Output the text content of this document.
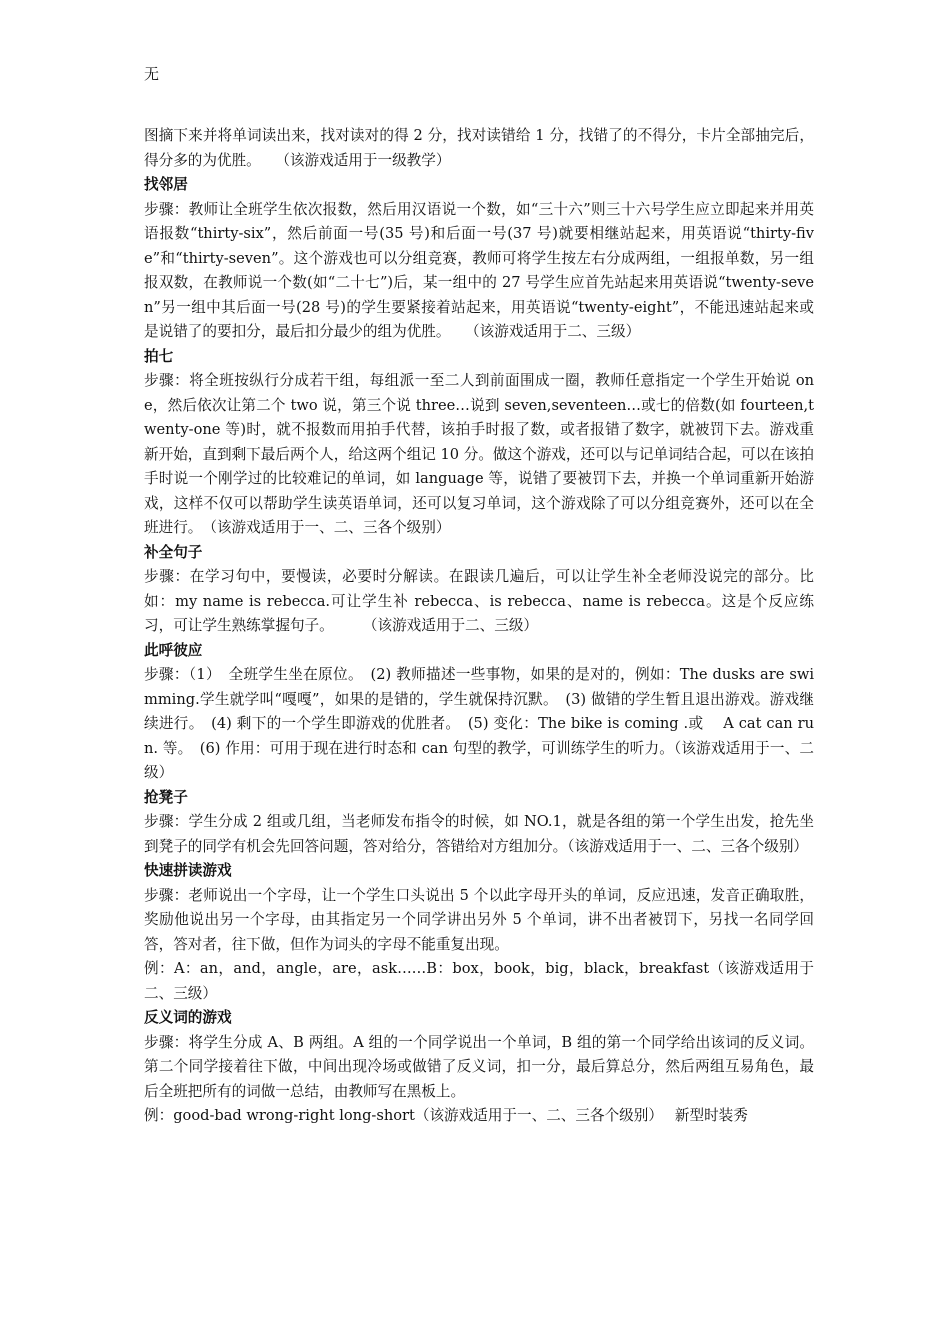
无

图摘下来并将单词读出来，找对读对的得 2 分，找对读错给 1 分，找错了的不得分，卡片全部抽完后，得分多的为优胜。　　（该游戏适用于一级教学）

找邻居

步骤：教师让全班学生依次报数，然后用汉语说一个数，如“三十六”则三十六号学生应立即起来并用英语报数“thirty-six”，然后前面一号(35 号)和后面一号(37 号)就要相继站起来，用英语说“thirty-five”和“thirty-seven”。这个游戏也可以分组竞赛，教师可将学生按左右分成两组，一组报单数，另一组报双数，在教师说一个数(如“二十七”)后，某一组中的 27 号学生应首先站起来用英语说“twenty-seven”另一组中其后面一号(28 号)的学生要紧接着站起来，用英语说“twenty-eight”，不能迅速站起来或是说错了的要扣分，最后扣分最少的组为优胜。　　（该游戏适用于二、三级）

拍七

步骤：将全班按纵行分成若干组，每组派一至二人到前面围成一圈，教师任意指定一个学生开始说 one，然后依次让第二个 two 说，第三个说 three…说到 seven,seventeen…或七的倍数(如 fourteen,twenty-one 等)时，就不报数而用拍手代替，该拍手时报了数，或者报错了数字，就被罚下去。游戏重新开始，直到剩下最后两个人，给这两个组记 10 分。做这个游戏，还可以与记单词结合起，可以在该拍手时说一个刚学过的比较难记的单词，如 language 等，说错了要被罚下去，并换一个单词重新开始游戏，这样不仅可以帮助学生读英语单词，还可以复习单词，这个游戏除了可以分组竞赛外，还可以在全班进行。　（该游戏适用于一、二、三各个级别）

补全句子

步骤：在学习句中，要慢读，必要时分解读。在跟读几遍后，可以让学生补全老师没说完的部分。比如：my name is rebecca.可让学生补 rebecca、is rebecca、name is rebecca。这是个反应练习，可让学生熟练掌握句子。　　　（该游戏适用于二、三级）

此呼彼应

步骤：（1）　全班学生坐在原位。　(2) 教师描述一些事物，如果的是对的，例如：The dusks are swimming.学生就学叫“嘎嘎”，如果的是错的，学生就保持沉默。　(3) 做错的学生暂且退出游戏。游戏继续进行。　(4) 剩下的一个学生即游戏的优胜者。　(5) 变化：The bike is coming .或　 A cat can run. 等。　(6) 作用：可用于现在进行时态和 can 句型的教学，可训练学生的听力。（该游戏适用于一、二级）

抢凳子

步骤：学生分成 2 组或几组，当老师发布指令的时候，如 NO.1，就是各组的第一个学生出发，抢先坐到凳子的同学有机会先回答问题，答对给分，答错给对方组加分。（该游戏适用于一、二、三各个级别）

快速拼读游戏

步骤：老师说出一个字母，让一个学生口头说出 5 个以此字母开头的单词，反应迅速，发音正确取胜，奖励他说出另一个字母，由其指定另一个同学讲出另外 5 个单词，讲不出者被罚下，另找一名同学回答，答对者，往下做，但作为词头的字母不能重复出现。

例：A：an，and，angle，are，ask……B：box，book，big，black，breakfast（该游戏适用于二、三级）

反义词的游戏

步骤：将学生分成 A、B 两组。A 组的一个同学说出一个单词，B 组的第一个同学给出该词的反义词。第二个同学接着往下做，中间出现冷场或做错了反义词，扣一分，最后算总分，然后两组互易角色，最后全班把所有的词做一总结，由教师写在黑板上。

例：good-bad wrong-right long-short（该游戏适用于一、二、三各个级别）　 新型时装秀
